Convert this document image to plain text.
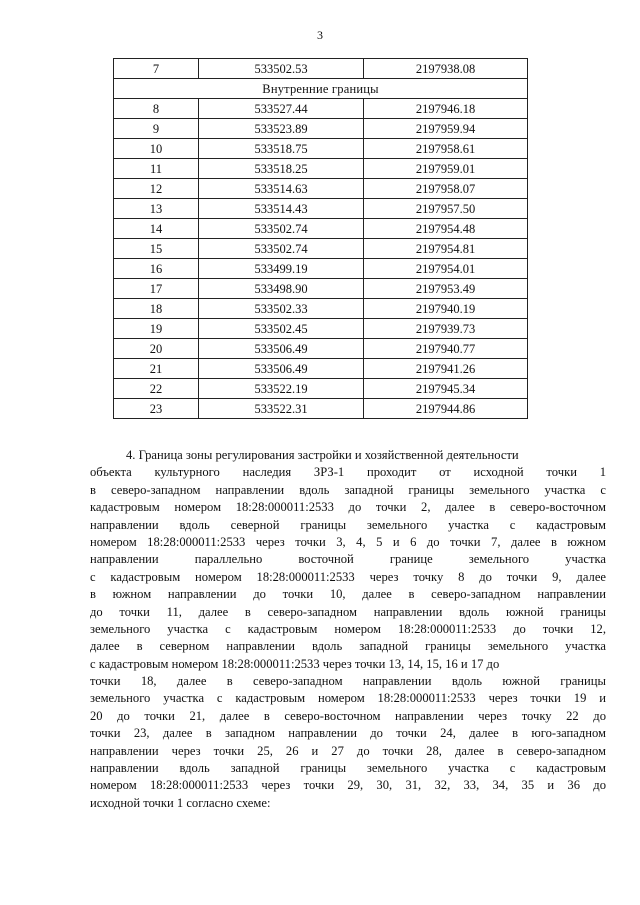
3
7	533502.53	2197938.08
Внутренние границы		
8	533527.44	2197946.18
9	533523.89	2197959.94
10	533518.75	2197958.61
11	533518.25	2197959.01
12	533514.63	2197958.07
13	533514.43	2197957.50
14	533502.74	2197954.48
15	533502.74	2197954.81
16	533499.19	2197954.01
17	533498.90	2197953.49
18	533502.33	2197940.19
19	533502.45	2197939.73
20	533506.49	2197940.77
21	533506.49	2197941.26
22	533522.19	2197945.34
23	533522.31	2197944.86
4. Граница зоны регулирования застройки и хозяйственной деятельности
объекта культурного наследия ЗРЗ-1 проходит от исходной точки 1
в северо-западном направлении вдоль западной границы земельного участка с
кадастровым номером 18:28:000011:2533 до точки 2, далее в северо-восточном
направлении вдоль северной границы земельного участка с кадастровым
номером 18:28:000011:2533 через точки 3, 4, 5 и 6 до точки 7, далее в южном
направлении параллельно восточной границе земельного участка
с кадастровым номером 18:28:000011:2533 через точку 8 до точки 9, далее
в южном направлении до точки 10, далее в северо-западном направлении
до точки 11, далее в северо-западном направлении вдоль южной границы
земельного участка с кадастровым номером 18:28:000011:2533 до точки 12,
далее в северном направлении вдоль западной границы земельного участка
с кадастровым номером 18:28:000011:2533 через точки 13, 14, 15, 16 и 17 до
точки 18, далее в северо-западном направлении вдоль южной границы
земельного участка с кадастровым номером 18:28:000011:2533 через точки 19 и
20 до точки 21, далее в северо-восточном направлении через точку 22 до
точки 23, далее в западном направлении до точки 24, далее в юго-западном
направлении через точки 25, 26 и 27 до точки 28, далее в северо-западном
направлении вдоль западной границы земельного участка с кадастровым
номером 18:28:000011:2533 через точки 29, 30, 31, 32, 33, 34, 35 и 36 до
исходной точки 1 согласно схеме:
